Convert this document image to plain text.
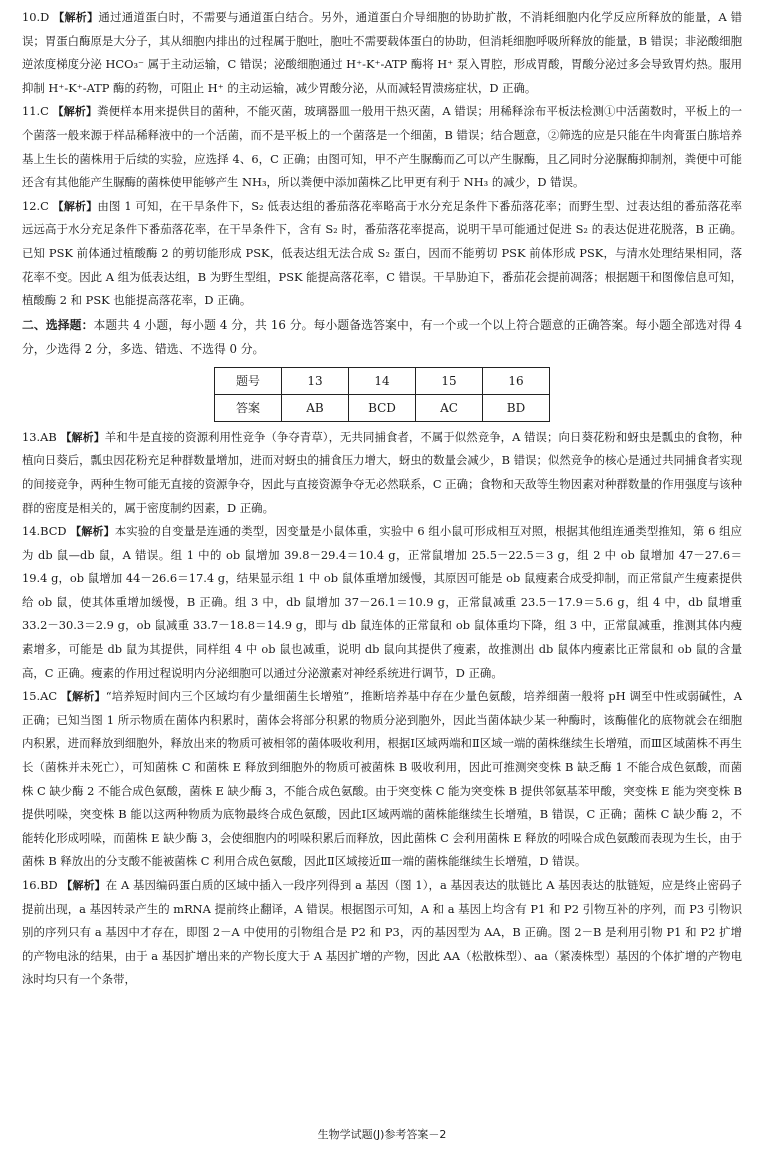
10.D 【解析】通过通道蛋白时，不需要与通道蛋白结合。另外，通道蛋白介导细胞的协助扩散，不消耗细胞内化学反应所释放的能量，A 错误；胃蛋白酶原是大分子，其从细胞内排出的过程属于胞吐，胞吐不需要载体蛋白的协助，但消耗细胞呼吸所释放的能量，B 错误；非泌酸细胞逆浓度梯度分泌 HCO₃⁻ 属于主动运输，C 错误；泌酸细胞通过 H⁺-K⁺-ATP 酶将 H⁺ 泵入胃腔，形成胃酸，胃酸分泌过多会导致胃灼热。服用抑制 H⁺-K⁺-ATP 酶的药物，可阻止 H⁺ 的主动运输，减少胃酸分泌，从而减轻胃溃疡症状，D 正确。
11.C 【解析】粪便样本用来提供目的菌种，不能灭菌，玻璃器皿一般用干热灭菌，A 错误；用稀释涂布平板法检测①中活菌数时，平板上的一个菌落一般来源于样品稀释液中的一个活菌，而不是平板上的一个菌落是一个细菌，B 错误；结合题意，②筛选的应是只能在牛肉膏蛋白胨培养基上生长的菌株用于后续的实验，应选择 4、6，C 正确；由图可知，甲不产生脲酶而乙可以产生脲酶，且乙同时分泌脲酶抑制剂，粪便中可能还含有其他能产生脲酶的菌株使甲能够产生 NH₃，所以粪便中添加菌株乙比甲更有利于 NH₃ 的减少，D 错误。
12.C 【解析】由图 1 可知，在干旱条件下，S₂ 低表达组的番茄落花率略高于水分充足条件下番茄落花率；而野生型、过表达组的番茄落花率远远高于水分充足条件下番茄落花率，在干旱条件下，含有 S₂ 时，番茄落花率提高，说明干旱可能通过促进 S₂ 的表达促进花脱落，B 正确。已知 PSK 前体通过植酸酶 2 的剪切能形成 PSK，低表达组无法合成 S₂ 蛋白，因而不能剪切 PSK 前体形成 PSK，与清水处理结果相同，落花率不变。因此 A 组为低表达组，B 为野生型组，PSK 能提高落花率，C 错误。干旱胁迫下，番茄花会提前凋落；根据题干和图像信息可知，植酸酶 2 和 PSK 也能提高落花率，D 正确。
二、选择题：本题共 4 小题，每小题 4 分，共 16 分。每小题备选答案中，有一个或一个以上符合题意的正确答案。每小题全部选对得 4 分，少选得 2 分，多选、错选、不选得 0 分。
题号	13	14	15	16
答案	AB	BCD	AC	BD
13.AB 【解析】羊和牛是直接的资源利用性竞争（争夺青草），无共同捕食者，不属于似然竞争，A 错误；向日葵花粉和蚜虫是瓢虫的食物，种植向日葵后，瓢虫因花粉充足种群数量增加，进而对蚜虫的捕食压力增大，蚜虫的数量会减少，B 错误；似然竞争的核心是通过共同捕食者实现的间接竞争，两种生物可能无直接的资源争夺，因此与直接资源争夺无必然联系，C 正确；食物和天敌等生物因素对种群数量的作用强度与该种群的密度是相关的，属于密度制约因素，D 正确。
14.BCD 【解析】本实验的自变量是连通的类型，因变量是小鼠体重，实验中 6 组小鼠可形成相互对照，根据其他组连通类型推知，第 6 组应为 db 鼠—db 鼠，A 错误。组 1 中的 ob 鼠增加 39.8－29.4＝10.4 g，正常鼠增加 25.5－22.5＝3 g，组 2 中 ob 鼠增加 47－27.6＝19.4 g，ob 鼠增加 44－26.6＝17.4 g，结果显示组 1 中 ob 鼠体重增加缓慢，其原因可能是 ob 鼠瘦素合成受抑制，而正常鼠产生瘦素提供给 ob 鼠，使其体重增加缓慢，B 正确。组 3 中，db 鼠增加 37－26.1＝10.9 g，正常鼠减重 23.5－17.9＝5.6 g，组 4 中，db 鼠增重 33.2－30.3＝2.9 g，ob 鼠减重 33.7－18.8＝14.9 g，即与 db 鼠连体的正常鼠和 ob 鼠体重均下降，组 3 中，正常鼠减重，推测其体内瘦素增多，可能是 db 鼠为其提供，同样组 4 中 ob 鼠也减重，说明 db 鼠向其提供了瘦素，故推测出 db 鼠体内瘦素比正常鼠和 ob 鼠的含量高，C 正确。瘦素的作用过程说明内分泌细胞可以通过分泌激素对神经系统进行调节，D 正确。
15.AC 【解析】“培养短时间内三个区域均有少量细菌生长增殖”，推断培养基中存在少量色氨酸，培养细菌一般将 pH 调至中性或弱碱性，A 正确；已知当图 1 所示物质在菌体内积累时，菌体会将部分积累的物质分泌到胞外，因此当菌体缺少某一种酶时，该酶催化的底物就会在细胞内积累，进而释放到细胞外，释放出来的物质可被相邻的菌体吸收利用，根据Ⅰ区域两端和Ⅱ区域一端的菌株继续生长增殖，而Ⅲ区域菌株不再生长（菌株并未死亡），可知菌株 C 和菌株 E 释放到细胞外的物质可被菌株 B 吸收利用，因此可推测突变株 B 缺乏酶 1 不能合成色氨酸，而菌株 C 缺少酶 2 不能合成色氨酸，菌株 E 缺少酶 3，不能合成色氨酸。由于突变株 C 能为突变株 B 提供邻氨基苯甲酸，突变株 E 能为突变株 B 提供吲哚，突变株 B 能以这两种物质为底物最终合成色氨酸，因此Ⅰ区域两端的菌株能继续生长增殖，B 错误，C 正确；菌株 C 缺少酶 2，不能转化形成吲哚，而菌株 E 缺少酶 3，会使细胞内的吲哚积累后而释放，因此菌株 C 会利用菌株 E 释放的吲哚合成色氨酸而表现为生长，由于菌株 B 释放出的分支酸不能被菌株 C 利用合成色氨酸，因此Ⅱ区域接近Ⅲ一端的菌株能继续生长增殖，D 错误。
16.BD 【解析】在 A 基因编码蛋白质的区域中插入一段序列得到 a 基因（图 1），a 基因表达的肽链比 A 基因表达的肽链短，应是终止密码子提前出现，a 基因转录产生的 mRNA 提前终止翻译，A 错误。根据图示可知，A 和 a 基因上均含有 P1 和 P2 引物互补的序列，而 P3 引物识别的序列只有 a 基因中才存在，即图 2－A 中使用的引物组合是 P2 和 P3，丙的基因型为 AA，B 正确。图 2－B 是利用引物 P1 和 P2 扩增的产物电泳的结果，由于 a 基因扩增出来的产物长度大于 A 基因扩增的产物，因此 AA（松散株型）、aa（紧凑株型）基因的个体扩增的产物电泳时均只有一个条带，
生物学试题(J)参考答案－2
